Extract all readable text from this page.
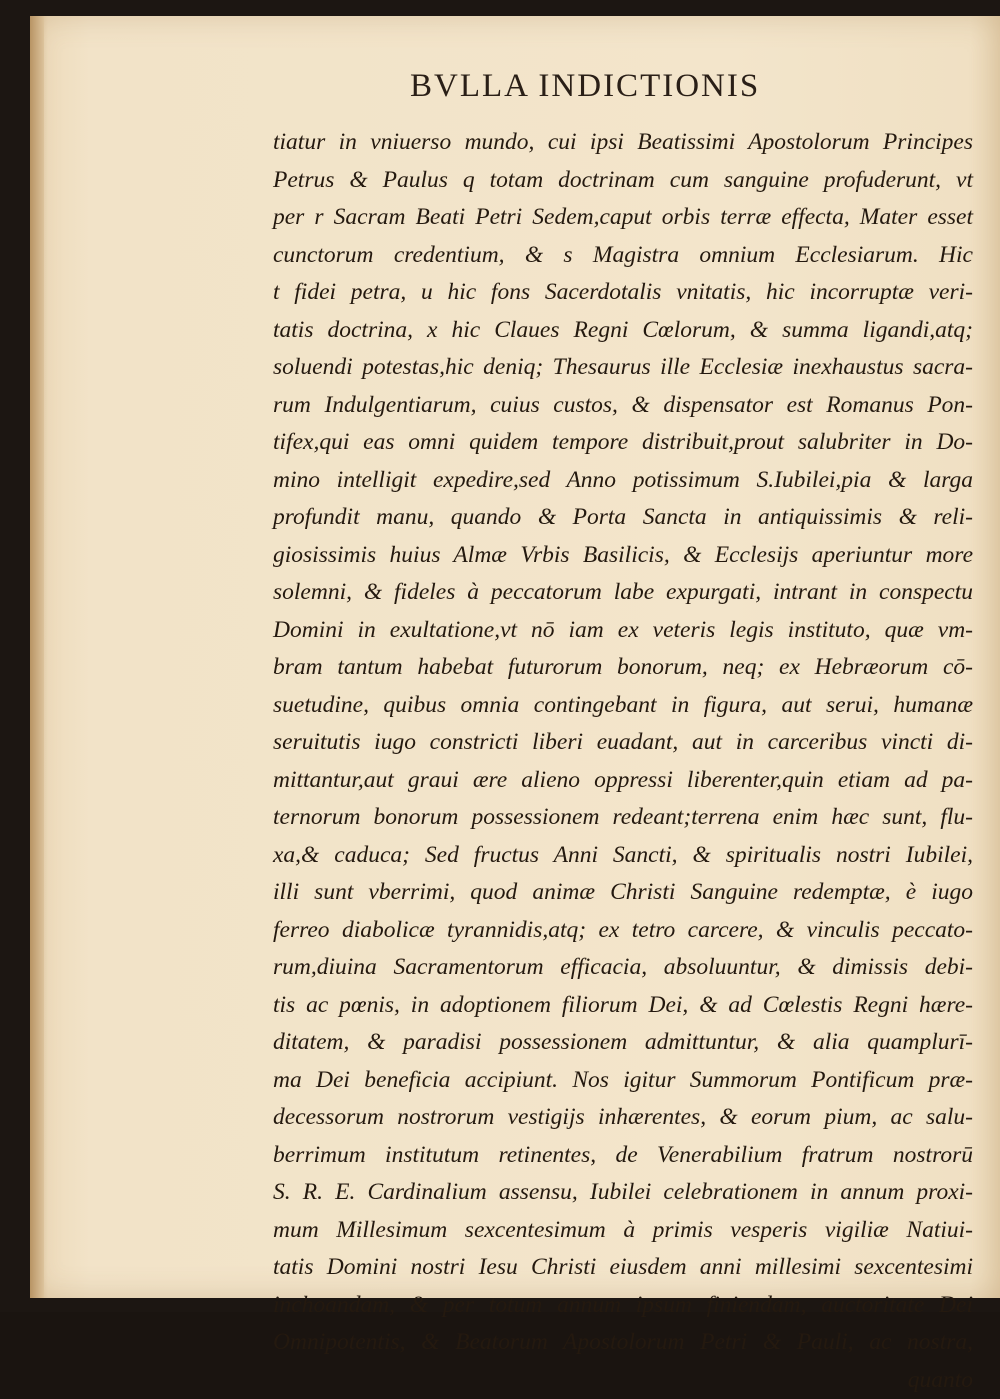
BVLLA INDICTIONIS
tiatur in vniuerso mundo, cui ipsi Beatissimi Apostolorum Principes
Petrus & Paulus q totam doctrinam cum sanguine profuderunt, vt
per r Sacram Beati Petri Sedem,caput orbis terræ effecta, Mater esset
cunctorum credentium, & s Magistra omnium Ecclesiarum. Hic
t fidei petra, u hic fons Sacerdotalis vnitatis, hic incorruptæ veri-
tatis doctrina, x hic Claues Regni Cœlorum, & summa ligandi,atq;
soluendi potestas,hic deniq; Thesaurus ille Ecclesiæ inexhaustus sacra-
rum Indulgentiarum, cuius custos, & dispensator est Romanus Pon-
tifex,qui eas omni quidem tempore distribuit,prout salubriter in Do-
mino intelligit expedire,sed Anno potissimum S.Iubilei,pia & larga
profundit manu, quando & Porta Sancta in antiquissimis & reli-
giosissimis huius Almæ Vrbis Basilicis, & Ecclesijs aperiuntur more
solemni, & fideles à peccatorum labe expurgati, intrant in conspectu
Domini in exultatione,vt nō iam ex veteris legis instituto, quæ vm-
bram tantum habebat futurorum bonorum, neq; ex Hebræorum cō-
suetudine, quibus omnia contingebant in figura, aut serui, humanæ
seruitutis iugo constricti liberi euadant, aut in carceribus vincti di-
mittantur,aut graui ære alieno oppressi liberenter,quin etiam ad pa-
ternorum bonorum possessionem redeant;terrena enim hæc sunt, flu-
xa,& caduca; Sed fructus Anni Sancti, & spiritualis nostri Iubilei,
illi sunt vberrimi, quod animæ Christi Sanguine redemptæ, è iugo
ferreo diabolicæ tyrannidis,atq; ex tetro carcere, & vinculis peccato-
rum,diuina Sacramentorum efficacia, absoluuntur, & dimissis debi-
tis ac pœnis, in adoptionem filiorum Dei, & ad Cœlestis Regni hære-
ditatem, & paradisi possessionem admittuntur, & alia quamplurī-
ma Dei beneficia accipiunt. Nos igitur Summorum Pontificum præ-
decessorum nostrorum vestigijs inhærentes, & eorum pium, ac salu-
berrimum institutum retinentes, de Venerabilium fratrum nostrorū
S. R. E. Cardinalium assensu, Iubilei celebrationem in annum proxi-
mum Millesimum sexcentesimum à primis vesperis vigiliæ Natiui-
tatis Domini nostri Iesu Christi eiusdem anni millesimi sexcentesimi
inchoandam, & per totum annum ipsum finiendam, auctoritate Dei
Omnipotentis, & Beatorum Apostolorum Petri & Pauli, ac nostra,
quanto
